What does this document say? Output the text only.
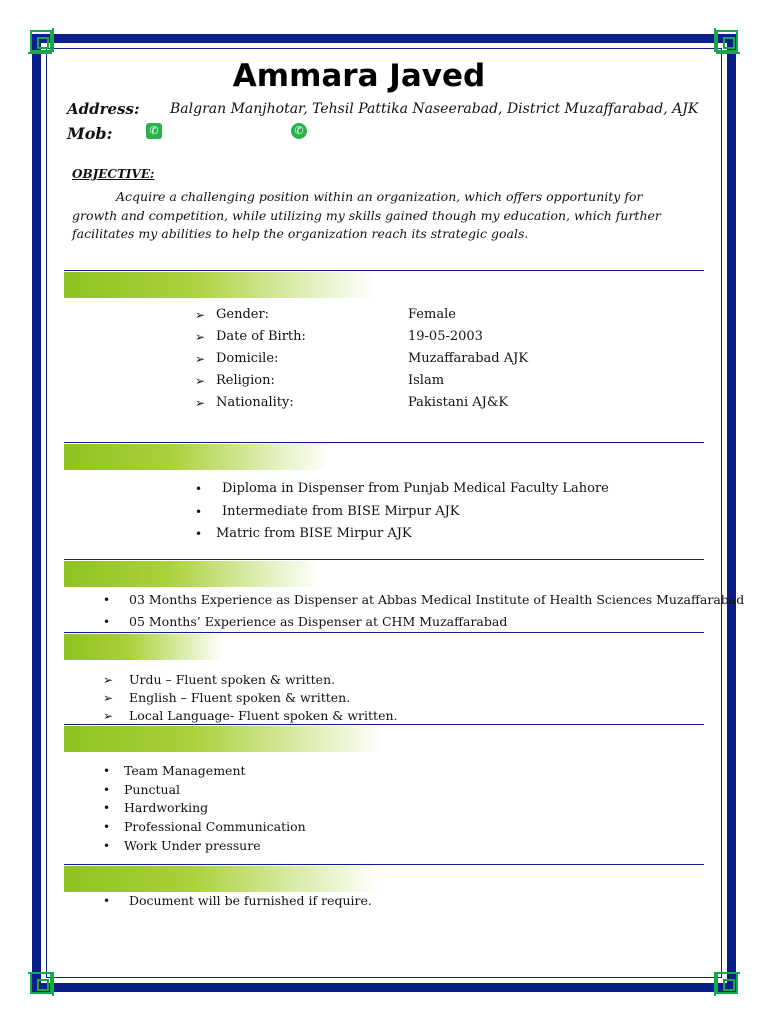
Ammara Javed
Address: Balgran Manjhotar, Tehsil Pattika Naseerabad, District Muzaffarabad, AJK
Mob:	✆	✆
OBJECTIVE:
Acquire a challenging position within an organization, which offers opportunity for growth and competition, while utilizing my skills gained though my education, which further facilitates my abilities to help the organization reach its strategic goals.
➢ Gender:	Female
➢ Date of Birth:	19-05-2003
➢ Domicile:	Muzaffarabad AJK
➢ Religion:	Islam
➢ Nationality:	Pakistani AJ&K
• Diploma in Dispenser from Punjab Medical Faculty Lahore
• Intermediate from BISE Mirpur AJK
• Matric from BISE Mirpur AJK
• 03 Months Experience as Dispenser at Abbas Medical Institute of Health Sciences Muzaffarabad
• 05 Months’ Experience as Dispenser at CHM Muzaffarabad
➢ Urdu – Fluent spoken & written.
➢ English – Fluent spoken & written.
➢ Local Language- Fluent spoken & written.
• Team Management
• Punctual
• Hardworking
• Professional Communication
• Work Under pressure
• Document will be furnished if require.
